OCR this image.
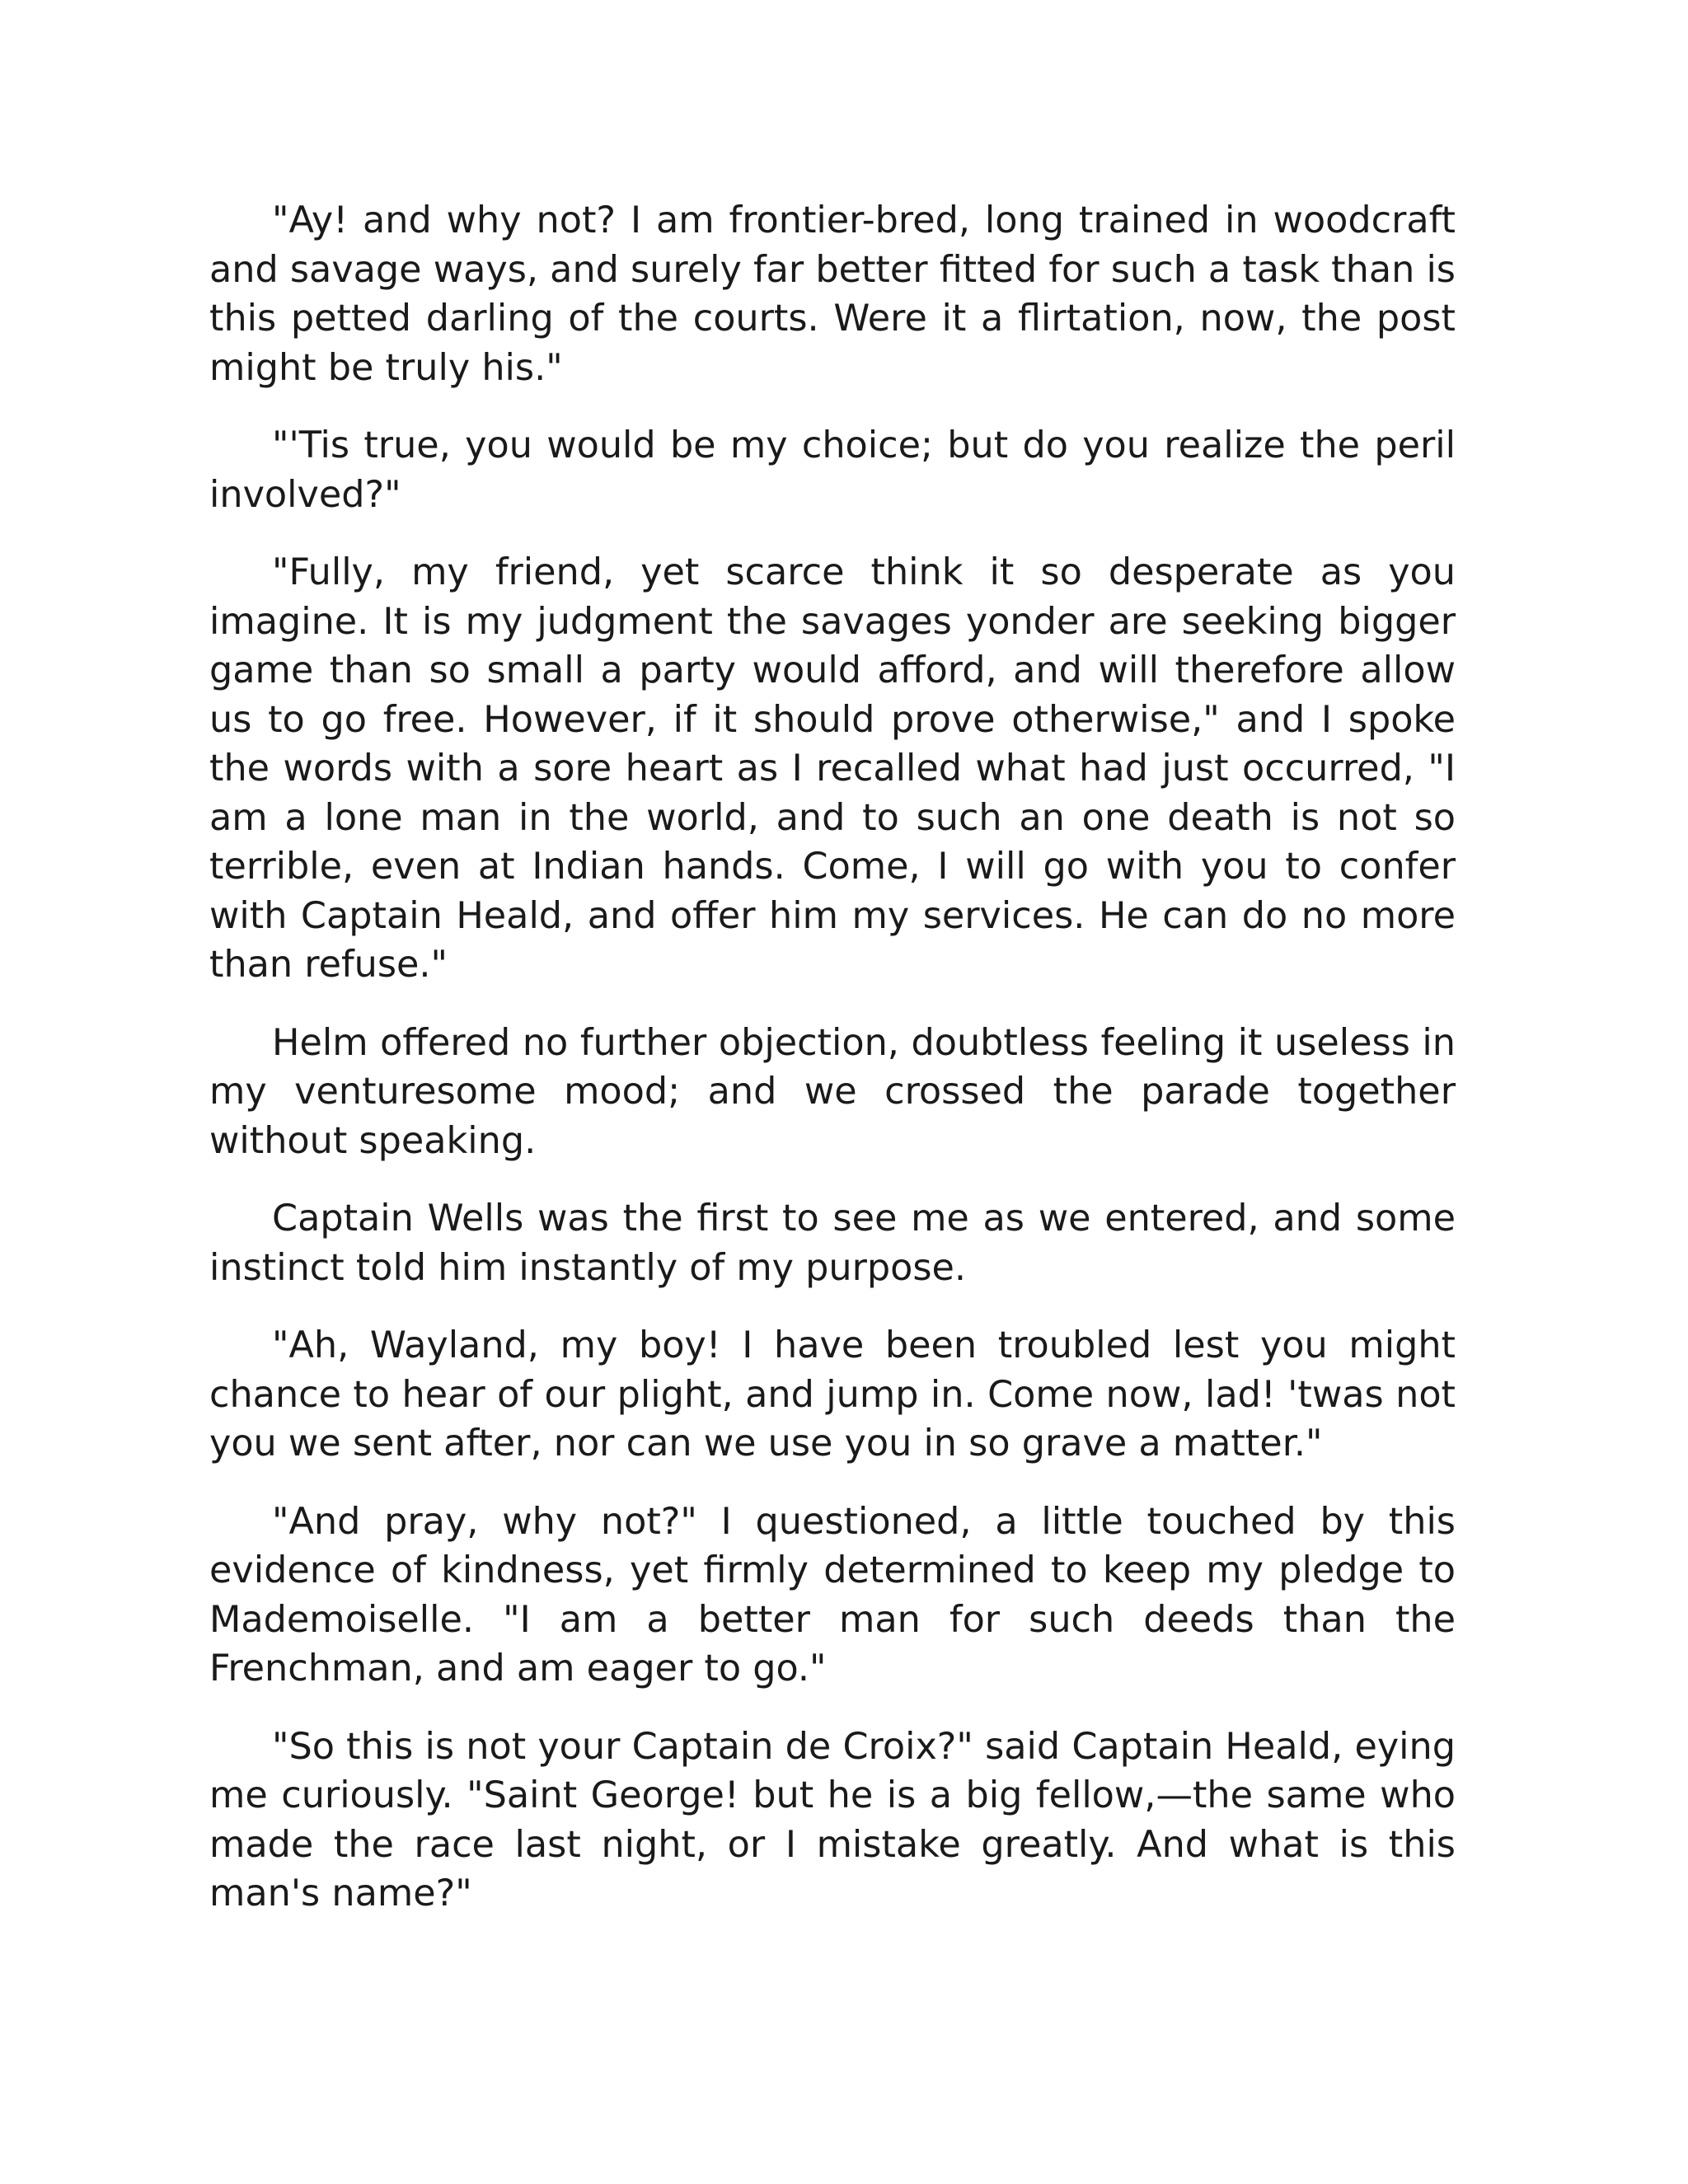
"Ay! and why not? I am frontier-bred, long trained in woodcraft and savage ways, and surely far better fitted for such a task than is this petted darling of the courts. Were it a flirtation, now, the post might be truly his."

"'Tis true, you would be my choice; but do you realize the peril involved?"

"Fully, my friend, yet scarce think it so desperate as you imagine. It is my judgment the savages yonder are seeking bigger game than so small a party would afford, and will therefore allow us to go free. However, if it should prove otherwise," and I spoke the words with a sore heart as I recalled what had just occurred, "I am a lone man in the world, and to such an one death is not so terrible, even at Indian hands. Come, I will go with you to confer with Captain Heald, and offer him my services. He can do no more than refuse."

Helm offered no further objection, doubtless feeling it useless in my venturesome mood; and we crossed the parade together without speaking.

Captain Wells was the first to see me as we entered, and some instinct told him instantly of my purpose.

"Ah, Wayland, my boy! I have been troubled lest you might chance to hear of our plight, and jump in. Come now, lad! 'twas not you we sent after, nor can we use you in so grave a matter."

"And pray, why not?" I questioned, a little touched by this evidence of kindness, yet firmly determined to keep my pledge to Mademoiselle. "I am a better man for such deeds than the Frenchman, and am eager to go."

"So this is not your Captain de Croix?" said Captain Heald, eying me curiously. "Saint George! but he is a big fellow,—the same who made the race last night, or I mistake greatly. And what is this man's name?"
